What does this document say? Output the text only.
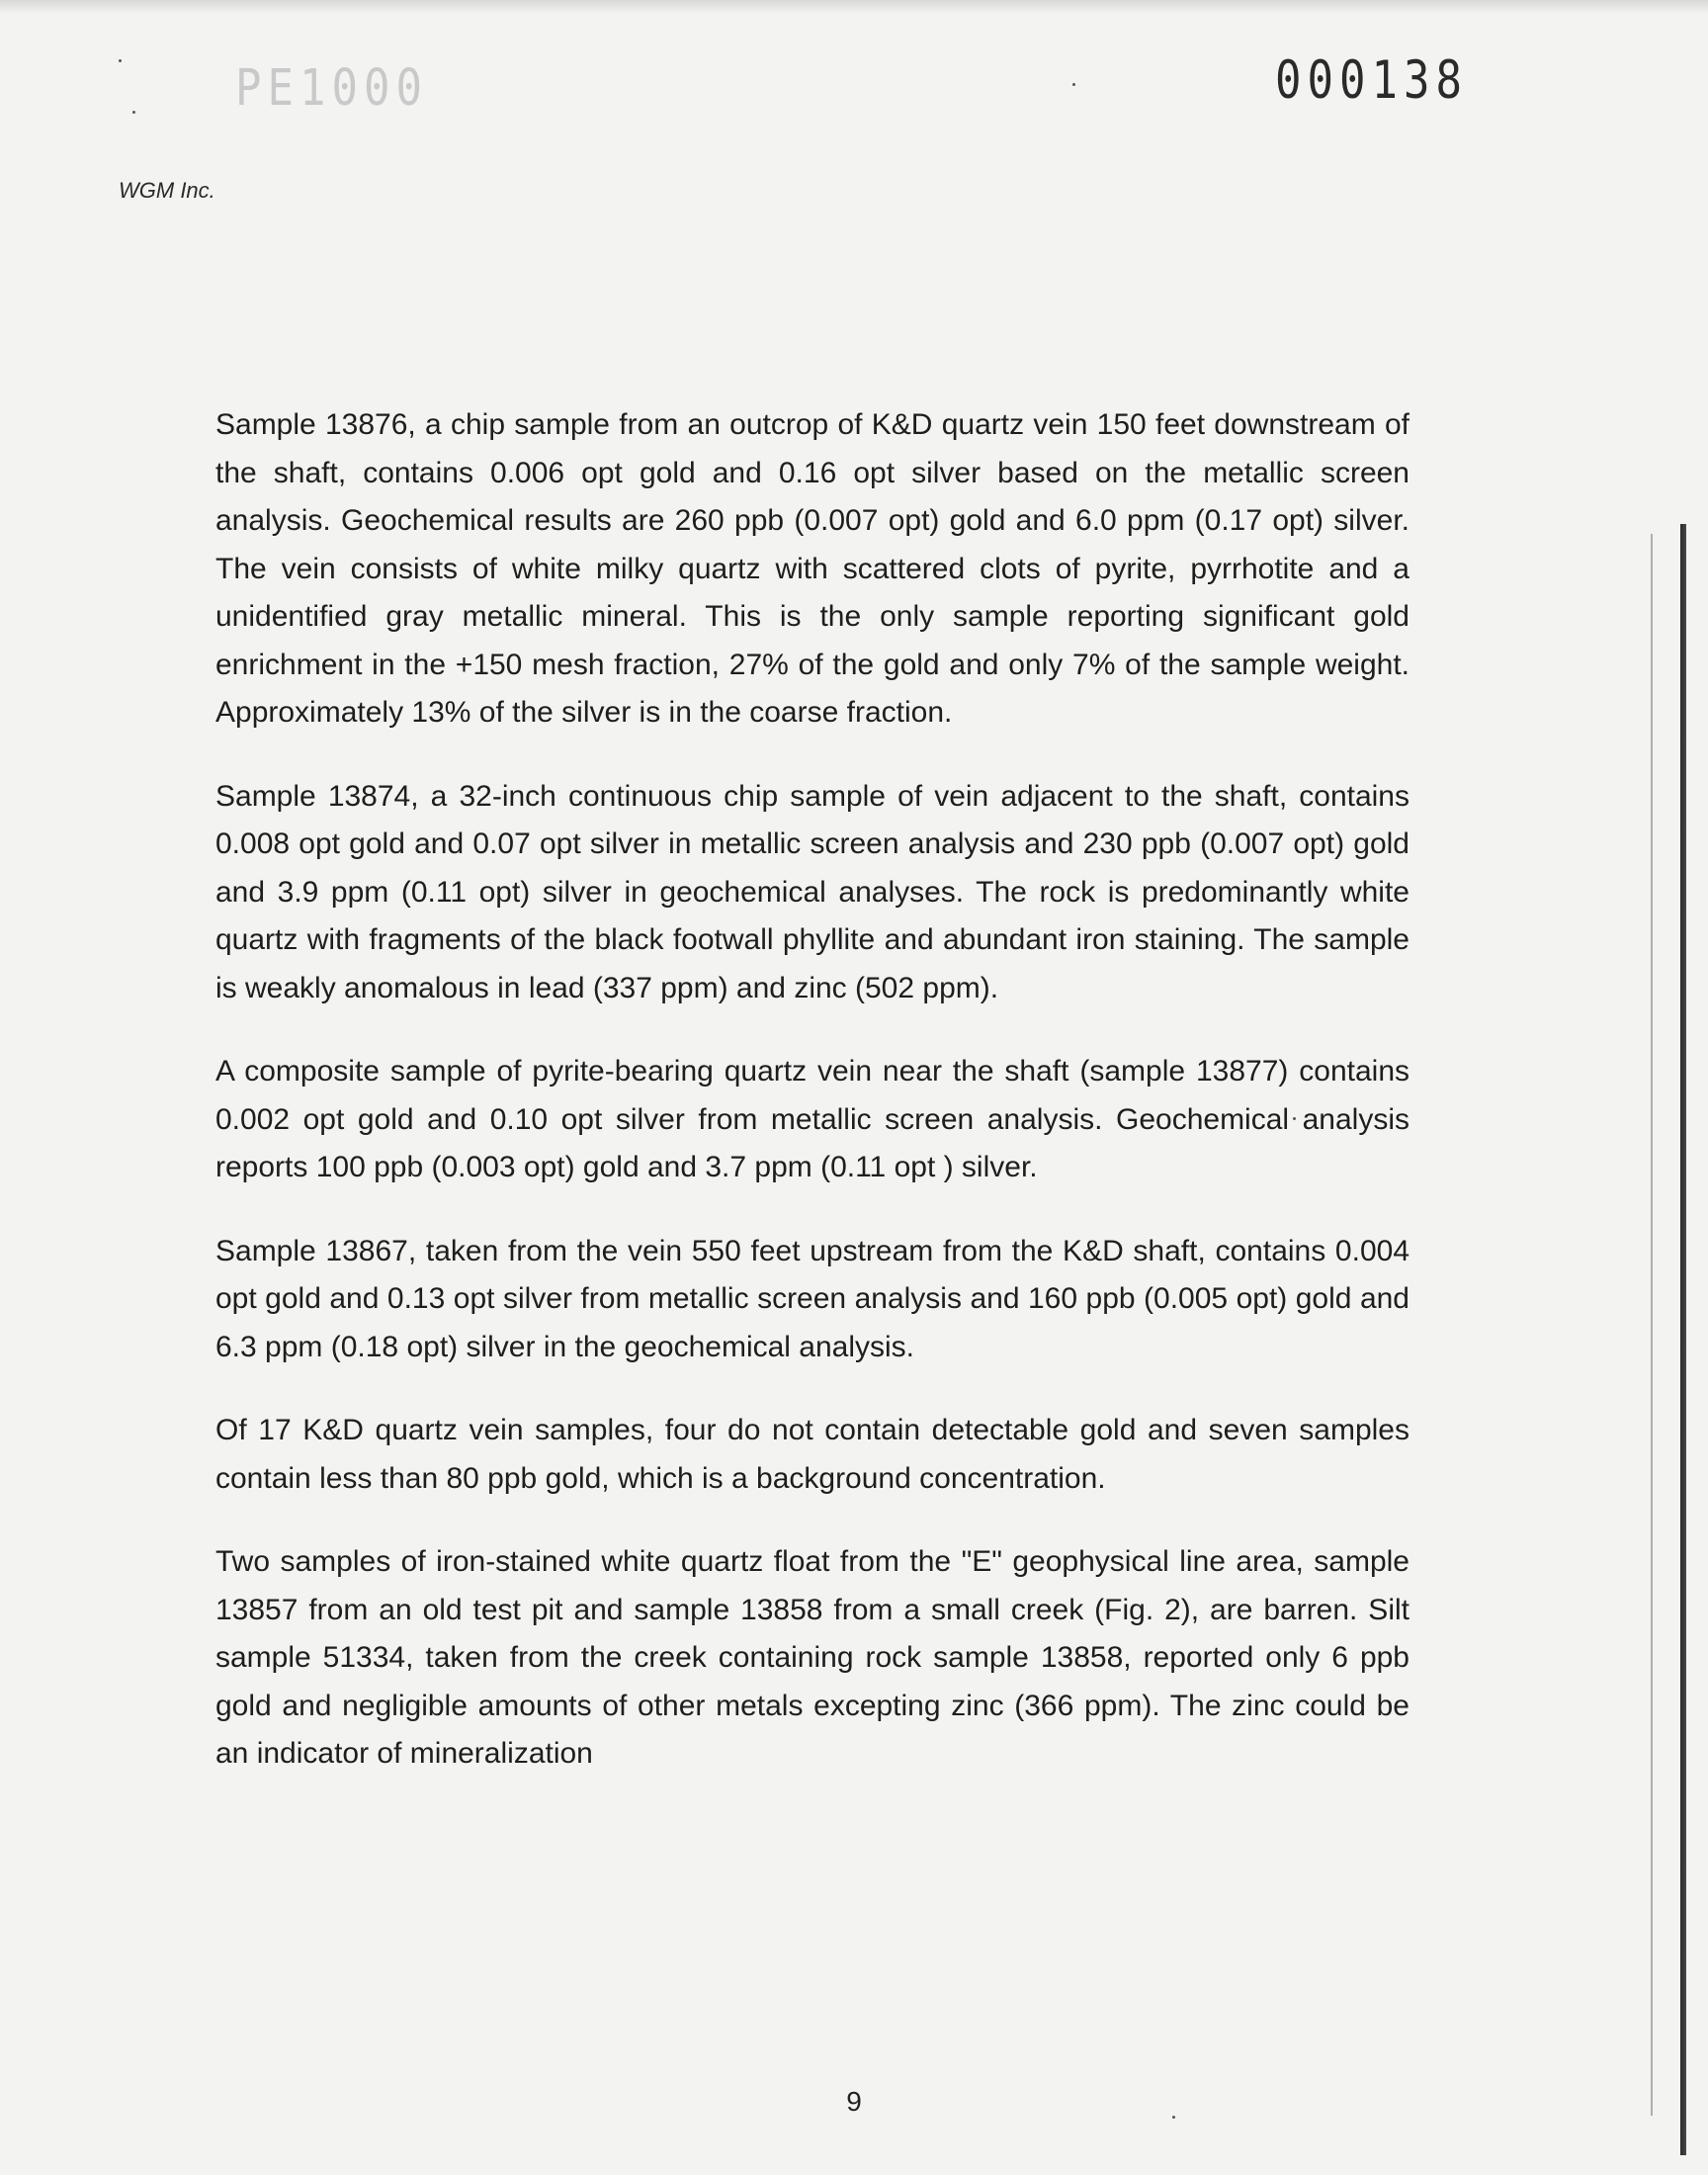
PE1000	000138
WGM Inc.

Sample 13876, a chip sample from an outcrop of K&D quartz vein 150 feet downstream of the shaft, contains 0.006 opt gold and 0.16 opt silver based on the metallic screen analysis. Geochemical results are 260 ppb (0.007 opt) gold and 6.0 ppm (0.17 opt) silver. The vein consists of white milky quartz with scattered clots of pyrite, pyrrhotite and a unidentified gray metallic mineral. This is the only sample reporting significant gold enrichment in the +150 mesh fraction, 27% of the gold and only 7% of the sample weight. Approximately 13% of the silver is in the coarse fraction.

Sample 13874, a 32-inch continuous chip sample of vein adjacent to the shaft, contains 0.008 opt gold and 0.07 opt silver in metallic screen analysis and 230 ppb (0.007 opt) gold and 3.9 ppm (0.11 opt) silver in geochemical analyses. The rock is predominantly white quartz with fragments of the black footwall phyllite and abundant iron staining. The sample is weakly anomalous in lead (337 ppm) and zinc (502 ppm).

A composite sample of pyrite-bearing quartz vein near the shaft (sample 13877) contains 0.002 opt gold and 0.10 opt silver from metallic screen analysis. Geochemical analysis reports 100 ppb (0.003 opt) gold and 3.7 ppm (0.11 opt ) silver.

Sample 13867, taken from the vein 550 feet upstream from the K&D shaft, contains 0.004 opt gold and 0.13 opt silver from metallic screen analysis and 160 ppb (0.005 opt) gold and 6.3 ppm (0.18 opt) silver in the geochemical analysis.

Of 17 K&D quartz vein samples, four do not contain detectable gold and seven samples contain less than 80 ppb gold, which is a background concentration.

Two samples of iron-stained white quartz float from the "E" geophysical line area, sample 13857 from an old test pit and sample 13858 from a small creek (Fig. 2), are barren. Silt sample 51334, taken from the creek containing rock sample 13858, reported only 6 ppb gold and negligible amounts of other metals excepting zinc (366 ppm). The zinc could be an indicator of mineralization

9
